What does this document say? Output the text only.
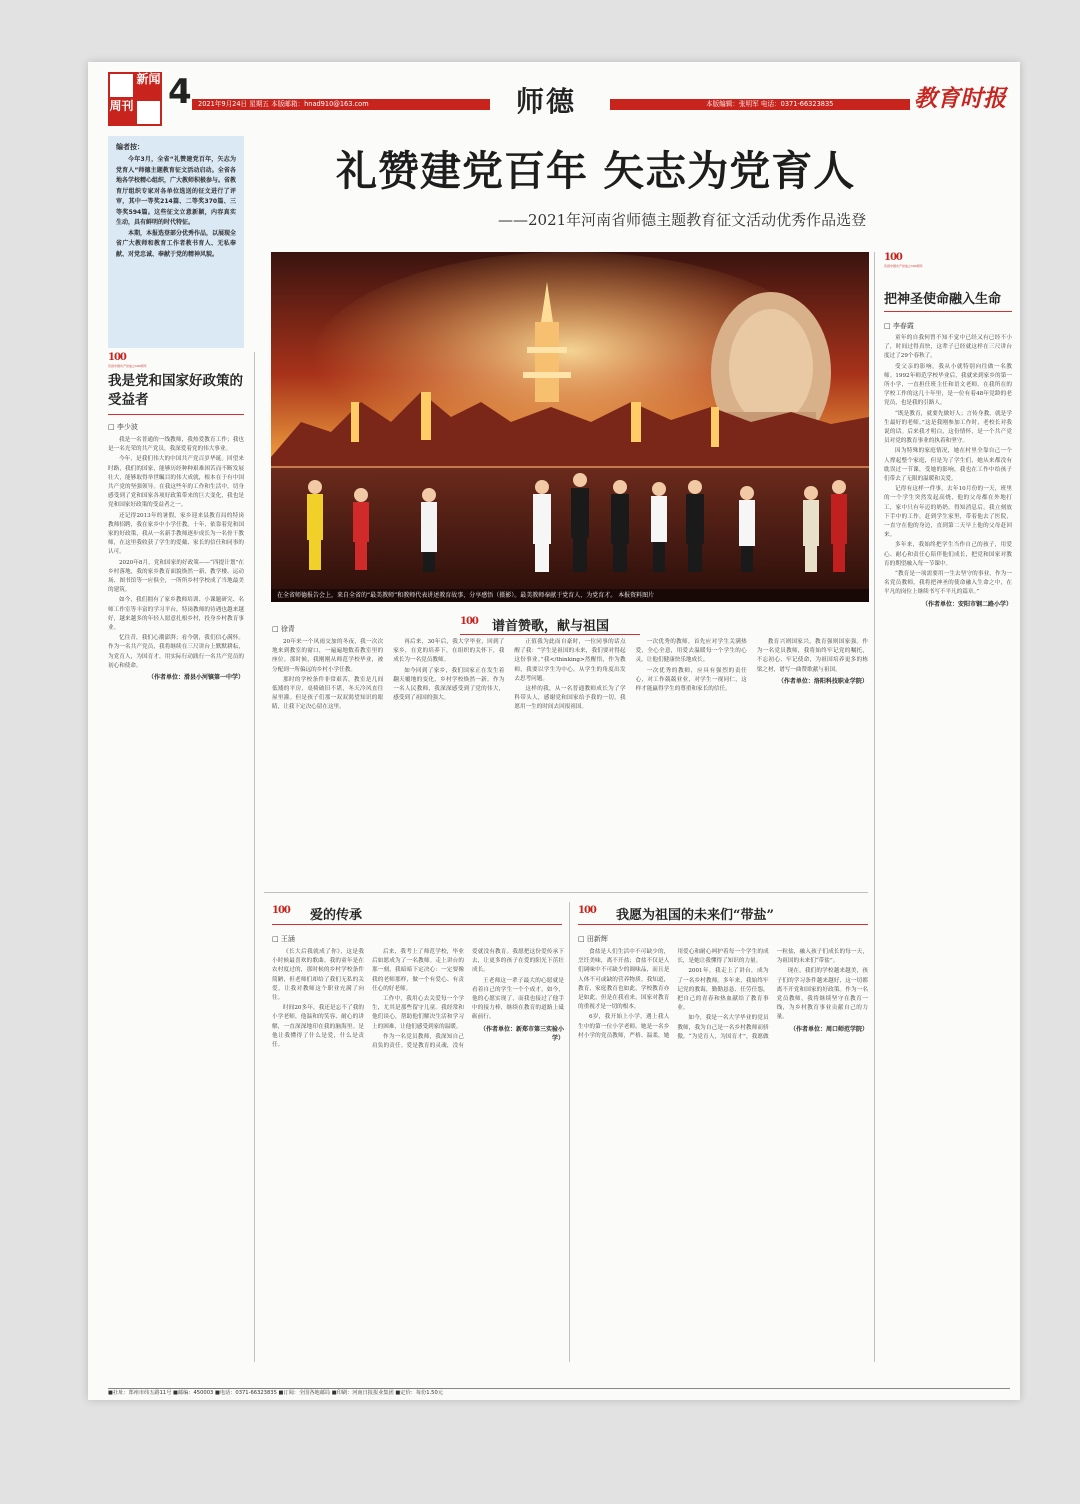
新闻
周刊 4 2021年9月24日 星期五 本版邮箱：hnad910@163.com	师德	本版编辑：张明军 电话：0371-66323835	教育时报
编者按：
今年3月，全省“礼赞建党百年，矢志为党育人”师德主题教育征文活动启动。全省各地各学校精心组织，广大教师积极参与。省教育厅组织专家对各单位选送的征文进行了评审，其中一等奖214篇、二等奖370篇、三等奖594篇。这些征文立意新颖，内容真实生动，具有鲜明的时代特征。
本期，本报选登部分优秀作品，以展现全省广大教师和教育工作者教书育人、无私奉献、对党忠诚、奉献于党的精神风貌。
礼赞建党百年 矢志为党育人
——2021年河南省师德主题教育征文活动优秀作品选登
在全省师德报告会上，来自全省的“最美教师”和教师代表讲述教育故事、分享感悟（摄影）。最美教师奉献于党育人、为党育才。 本报资料图片
100
庆祝中国共产党成立100周年
把神圣使命融入生命
□ 李春霞

童年的自我何曾不知不觉中已经又有已经不小了，时间过得真快，这辈子已经就这样在三尺讲台度过了29个春秋了。

受父亲的影响，我从小就特别向往做一名教师。1992年师范学校毕业后，我就来到家乡的第一所小学，一直担任班主任和语文老师。在我所在的学校工作的这几十年里，是一位有着48年党龄的老党员，也是我的引路人。

“既是教育，就要先做好人；言传身教，就是学生最好的老师。”这是我刚参加工作时，老校长对我说的话。后来我才明白，这份情怀，是一个共产党员对党的教育事业的执着和坚守。

因为特殊的家庭情况，她在村里全靠自己一个人撑起整个家庭，但是为了学生们，她从来都没有耽误过一节课，受她的影响，我也在工作中给孩子们带去了无限的温暖和关爱。

记得有这样一件事。去年10月份的一天，班里的一个学生突然发起高烧，他的父母都在外地打工，家中只有年迈的奶奶。得知消息后，我立刻放下手中的工作，赶到学生家里，带着他去了医院，一直守在他的身边，直到第二天早上他的父母赶回来。

多年来，我始终把学生当作自己的孩子，用爱心、耐心和责任心陪伴他们成长，把党和国家对教育的期望融入每一节课中。

“教育是一项需要用一生去坚守的事业，作为一名党员教师，我将把神圣的使命融入生命之中，在平凡的岗位上继续书写不平凡的篇章。”

（作者单位：安阳市钢二路小学）
100
庆祝中国共产党成立100周年
我是党和国家好政策的受益者
□ 李少波

我是一名普通的一线教师，我热爱教育工作；我也是一名光荣的共产党员，我深爱着党的伟大事业。

今年，是我们伟大的中国共产党百岁华诞。回望来时路，我们的国家，能够历经种种艰难困苦而不断发展壮大，能够取得举世瞩目的伟大成就，根本在于有中国共产党的坚强领导。在我这些年的工作和生活中，切身感受到了党和国家各项好政策带来的巨大变化，我也是党和国家好政策的受益者之一。

还记得2013年的暑假，家乡迎来县教育局的特岗教师招聘，我在家乡中小学任教。十年，依靠着党和国家的好政策，我从一名新手教师逐步成长为一名骨干教师，在这里我收获了学生的爱戴、家长的信任和同事的认可。

2020年8月，党和国家的好政策——“四提计划”在乡村落地，我的家乡教育面貌焕然一新，教学楼、运动场、图书馆等一应俱全，一所所乡村学校成了当地最美的建筑。

如今，我们拥有了家乡教师培训、小课题研究、名师工作室等丰富的学习平台，特岗教师的待遇也越来越好，越来越多的年轻人愿意扎根乡村，投身乡村教育事业。

忆往昔，我们心潮澎湃；看今朝，我们信心满怀。作为一名共产党员，我将继续在三尺讲台上默默耕耘，为党育人，为国育才，用实际行动践行一名共产党员的初心和使命。

（作者单位：滑县小河镇第一中学）
100	谱首赞歌，献与祖国
□ 徐青

20年来一个风雨交加的冬夜，我一次次地来到教室的窗口，一遍遍地数着教室里的座位。那时候，我刚刚从师范学校毕业，被分配到一所偏远的乡村小学任教。

那时的学校条件非常艰苦，教室是几间低矮的平房，桌椅破旧不堪，冬天冷风直往屋里灌。但是孩子们那一双双渴望知识的眼睛，让我下定决心留在这里。

再后来，30年后，我大学毕业，回到了家乡，在党的培养下，在组织的关怀下，我成长为一名党员教师。

如今回到了家乡，我们国家正在发生着翻天覆地的变化，乡村学校焕然一新。作为一名人民教师，我深深感受到了党的伟大，感受到了祖国的强大。

正值我为此而自豪时，一位同事的话点醒了我：“学生是祖国的未来，我们要对得起这份事业。”我</thinking>然醒悟，作为教师，我要以学生为中心，从学生的角度出发去思考问题。

这样的我，从一名普通教师成长为了学科带头人，感谢党和国家给予我的一切，我愿用一生的时间去回报祖国。

一次优秀的教师，首先应对学生关满热爱，全心全意，用爱去温暖每一个学生的心灵，让他们健康快乐地成长。

一次优秀的教师，应具有强烈的责任心，对工作兢兢业业，对学生一视同仁，这样才能赢得学生的尊重和家长的信任。

教育兴则国家兴，教育强则国家强。作为一名党员教师，我将始终牢记党的嘱托，不忘初心、牢记使命，为祖国培养更多的栋梁之材，谱写一曲赞歌献与祖国。

（作者单位：洛阳科技职业学院）
100	爱的传承
□ 王涵

《长大后我就成了你》，这是我小时候最喜欢的歌曲。我的童年是在农村度过的，那时候的乡村学校条件简陋，但老师们却给了我们无私的关爱，让我对教师这个职业充满了向往。

时间20多年，我还是忘不了我的小学老师，他温和的笑容、耐心的讲解，一直深深地印在我的脑海里。是他让我懂得了什么是爱，什么是责任。

后来，我考上了师范学校，毕业后如愿成为了一名教师。走上讲台的那一刻，我暗暗下定决心：一定要像我的老师那样，做一个有爱心、有责任心的好老师。

工作中，我用心去关爱每一个学生，尤其是那些留守儿童。我经常和他们谈心，帮助他们解决生活和学习上的困难，让他们感受到家的温暖。

作为一名党员教师，我深知自己肩负的责任。爱是教育的灵魂，没有爱就没有教育。我愿把这份爱传承下去，让更多的孩子在爱的阳光下茁壮成长。

王老师这一辈子最大的心愿就是看着自己的学生一个个成才，如今，他的心愿实现了，而我也接过了他手中的接力棒，继续在教育的道路上砥砺前行。

（作者单位：新郑市第三实验小学）
100	我愿为祖国的未来们“带盐”
□ 田新辉

食盐是人们生活中不可缺少的，烹饪美味，离不开盐；食盐不仅是人们调味中不可缺少的调味品，而且是人体不可或缺的营养物质。我知道，教育，家庭教育也如此，学校教育亦是如此，但是在我看来，国家对教育的重视才是一切的根本。

6岁，我开始上小学，遇上我人生中的第一位小学老师。她是一名乡村小学的党员教师，严格、温柔，她用爱心和耐心呵护着每一个学生的成长，是她让我懂得了知识的力量。

2001年，我走上了讲台，成为了一名乡村教师。多年来，我始终牢记党的教诲，勤勤恳恳、任劳任怨，把自己的青春和热血献给了教育事业。

如今，我是一名大学毕业的党员教师，我为自己是一名乡村教师而骄傲。“为党育人，为国育才”，我愿做一粒盐，融入孩子们成长的每一天，为祖国的未来们“带盐”。

现在，我们的学校越来越美，孩子们的学习条件越来越好，这一切都离不开党和国家的好政策。作为一名党员教师，我将继续坚守在教育一线，为乡村教育事业贡献自己的力量。

（作者单位：周口师范学院）
■社址：郑州市纬五路11号 ■邮编：450003 ■电话：0371-66323835 ■订阅：全国各地邮局 ■印刷：河南日报报业集团 ■定价：每份1.50元
